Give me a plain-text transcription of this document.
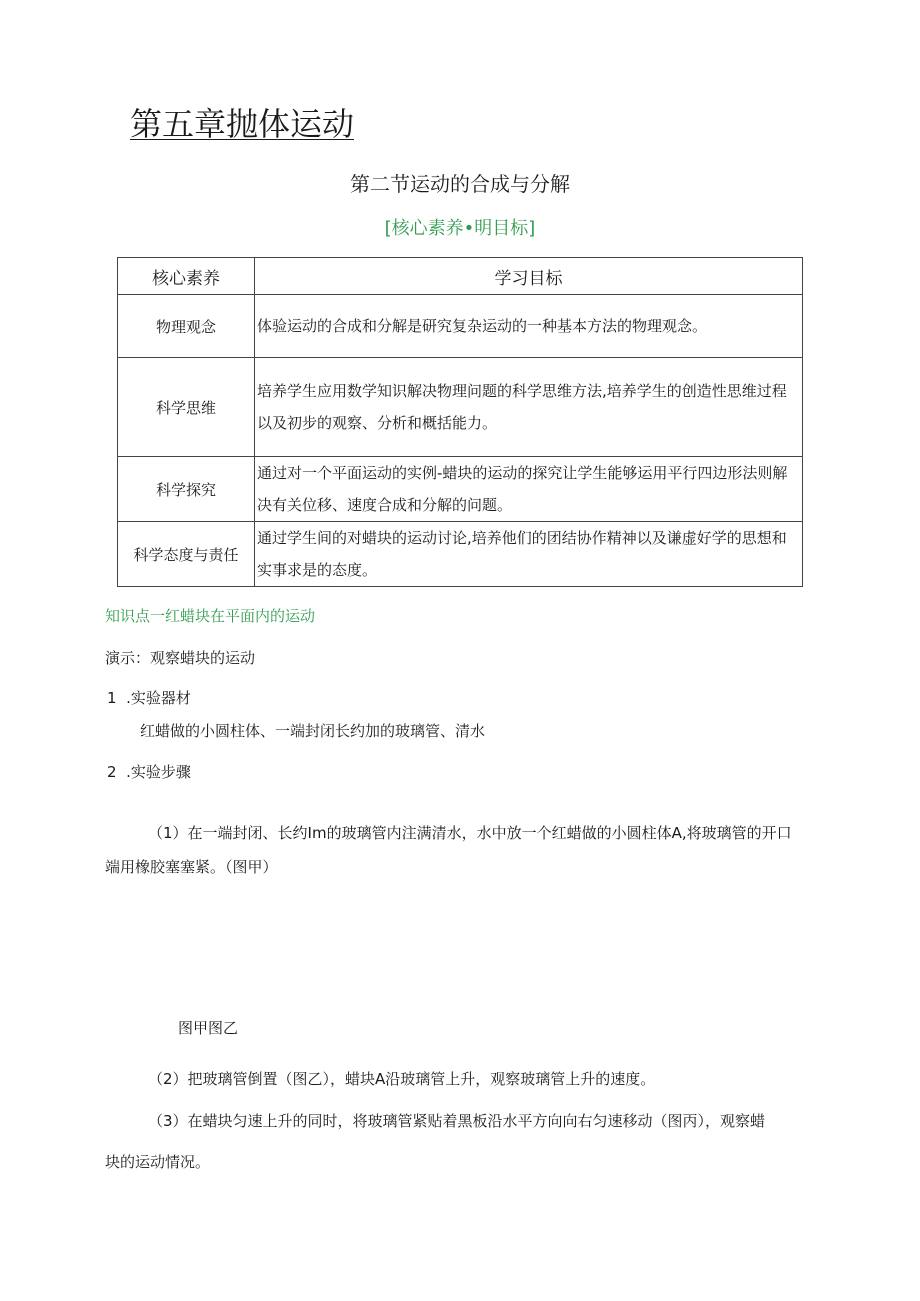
第五章抛体运动
第二节运动的合成与分解
[核心素养•明目标]
核心素养	学习目标
物理观念	体验运动的合成和分解是研究复杂运动的一种基本方法的物理观念。

科学思维	培养学生应用数学知识解决物理问题的科学思维方法,培养学生的创造性思维过程
以及初步的观察、分析和概括能力。

科学探究	通过对一个平面运动的实例-蜡块的运动的探究让学生能够运用平行四边形法则解
决有关位移、速度合成和分解的问题。

科学态度与责任	通过学生间的对蜡块的运动讨论,培养他们的团结协作精神以及谦虚好学的思想和
实事求是的态度。
知识点一红蜡块在平面内的运动
演示：观察蜡块的运动
1  .实验器材
红蜡做的小圆柱体、一端封闭长约加的玻璃管、清水
2  .实验步骤
（1）在一端封闭、长约Im的玻璃管内注满清水，水中放一个红蜡做的小圆柱体A,将玻璃管的开口
端用橡胶塞塞紧。（图甲）
图甲图乙
（2）把玻璃管倒置（图乙），蜡块A沿玻璃管上升，观察玻璃管上升的速度。
（3）在蜡块匀速上升的同时，将玻璃管紧贴着黑板沿水平方向向右匀速移动（图丙），观察蜡
块的运动情况。
